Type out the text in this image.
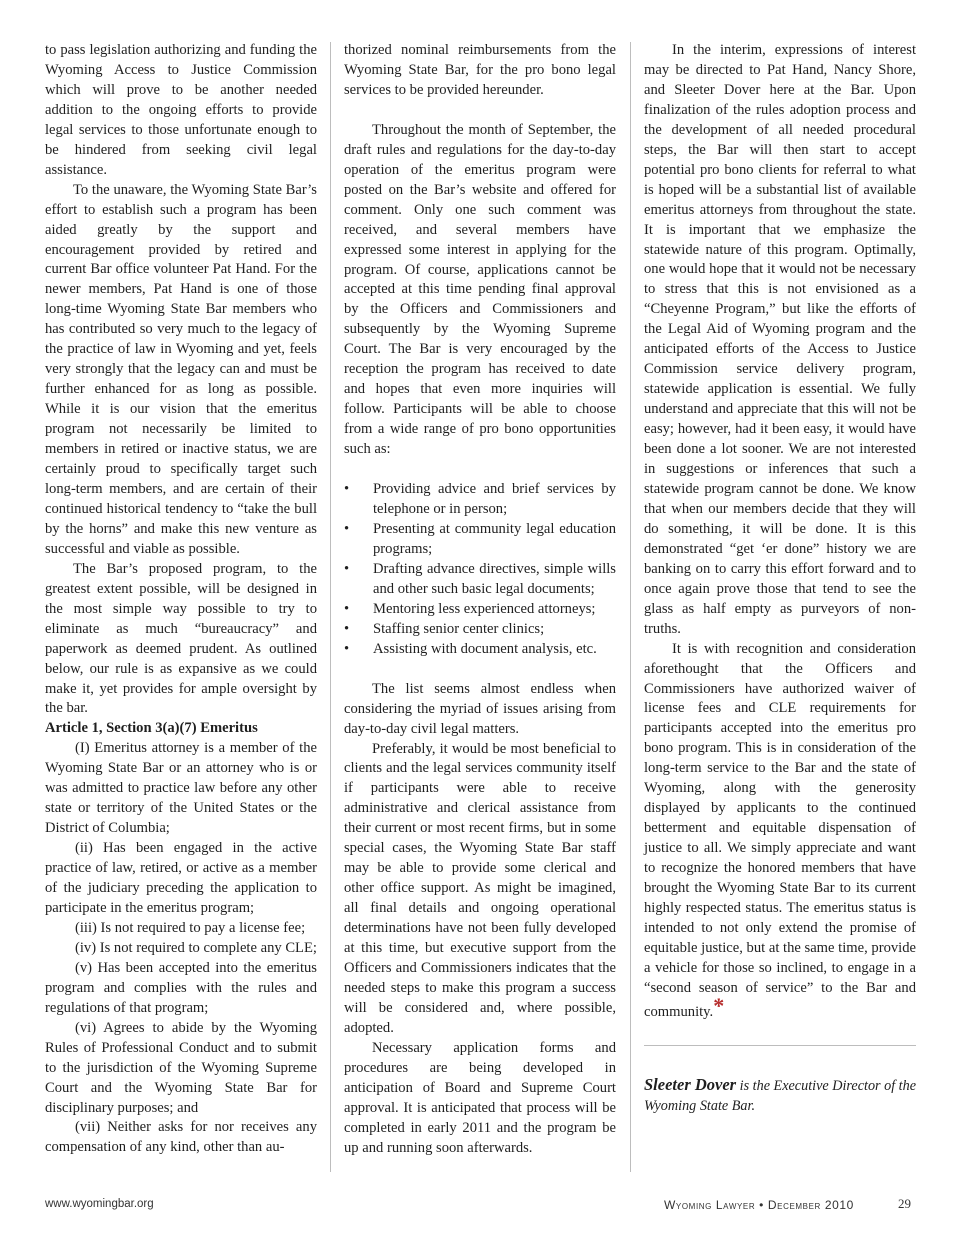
to pass legislation authorizing and funding the Wyoming Access to Justice Commission which will prove to be another needed addition to the ongoing efforts to provide legal services to those unfortunate enough to be hindered from seeking civil legal assistance.

To the unaware, the Wyoming State Bar’s effort to establish such a program has been aided greatly by the support and encouragement provided by retired and current Bar office volunteer Pat Hand. For the newer members, Pat Hand is one of those long-time Wyoming State Bar members who has contributed so very much to the legacy of the practice of law in Wyoming and yet, feels very strongly that the legacy can and must be further enhanced for as long as possible. While it is our vision that the emeritus program not necessarily be limited to members in retired or inactive status, we are certainly proud to specifically target such long-term members, and are certain of their continued historical tendency to “take the bull by the horns” and make this new venture as successful and viable as possible.

The Bar’s proposed program, to the greatest extent possible, will be designed in the most simple way possible to try to eliminate as much “bureaucracy” and paperwork as deemed prudent. As outlined below, our rule is as expansive as we could make it, yet provides for ample oversight by the bar.

Article 1, Section 3(a)(7) Emeritus

(I) Emeritus attorney is a member of the Wyoming State Bar or an attorney who is or was admitted to practice law before any other state or territory of the United States or the District of Columbia;

(ii) Has been engaged in the active practice of law, retired, or active as a member of the judiciary preceding the application to participate in the emeritus program;

(iii) Is not required to pay a license fee;

(iv) Is not required to complete any CLE;

(v) Has been accepted into the emeritus program and complies with the rules and regulations of that program;

(vi) Agrees to abide by the Wyoming Rules of Professional Conduct and to submit to the jurisdiction of the Wyoming Supreme Court and the Wyoming State Bar for disciplinary purposes; and

(vii) Neither asks for nor receives any compensation of any kind, other than au-

thorized nominal reimbursements from the Wyoming State Bar, for the pro bono legal services to be provided hereunder.

Throughout the month of September, the draft rules and regulations for the day-to-day operation of the emeritus program were posted on the Bar’s website and offered for comment. Only one such comment was received, and several members have expressed some interest in applying for the program. Of course, applications cannot be accepted at this time pending final approval by the Officers and Commissioners and subsequently by the Wyoming Supreme Court. The Bar is very encouraged by the reception the program has received to date and hopes that even more inquiries will follow. Participants will be able to choose from a wide range of pro bono opportunities such as:

• Providing advice and brief services by telephone or in person;
• Presenting at community legal education programs;
• Drafting advance directives, simple wills and other such basic legal documents;
• Mentoring less experienced attorneys;
• Staffing senior center clinics;
• Assisting with document analysis, etc.

The list seems almost endless when considering the myriad of issues arising from day-to-day civil legal matters.

Preferably, it would be most beneficial to clients and the legal services community itself if participants were able to receive administrative and clerical assistance from their current or most recent firms, but in some special cases, the Wyoming State Bar staff may be able to provide some clerical and other office support. As might be imagined, all final details and ongoing operational determinations have not been fully developed at this time, but executive support from the Officers and Commissioners indicates that the needed steps to make this program a success will be considered and, where possible, adopted.

Necessary application forms and procedures are being developed in anticipation of Board and Supreme Court approval. It is anticipated that process will be completed in early 2011 and the program be up and running soon afterwards.

In the interim, expressions of interest may be directed to Pat Hand, Nancy Shore, and Sleeter Dover here at the Bar. Upon finalization of the rules adoption process and the development of all needed procedural steps, the Bar will then start to accept potential pro bono clients for referral to what is hoped will be a substantial list of available emeritus attorneys from throughout the state. It is important that we emphasize the statewide nature of this program. Optimally, one would hope that it would not be necessary to stress that this is not envisioned as a “Cheyenne Program,” but like the efforts of the Legal Aid of Wyoming program and the anticipated efforts of the Access to Justice Commission service delivery program, statewide application is essential. We fully understand and appreciate that this will not be easy; however, had it been easy, it would have been done a lot sooner. We are not interested in suggestions or inferences that such a statewide program cannot be done. We know that when our members decide that they will do something, it will be done. It is this demonstrated “get ‘er done” history we are banking on to carry this effort forward and to once again prove those that tend to see the glass as half empty as purveyors of non-truths.

It is with recognition and consideration aforethought that the Officers and Commissioners have authorized waiver of license fees and CLE requirements for participants accepted into the emeritus pro bono program. This is in consideration of the long-term service to the Bar and the state of Wyoming, along with the generosity displayed by applicants to the continued betterment and equitable dispensation of justice to all. We simply appreciate and want to recognize the honored members that have brought the Wyoming State Bar to its current highly respected status. The emeritus status is intended to not only extend the promise of equitable justice, but at the same time, provide a vehicle for those so inclined, to engage in a “second season of service” to the Bar and community.*

Sleeter Dover is the Executive Director of the Wyoming State Bar.
www.wyomingbar.org	Wyoming Lawyer • December 2010	29
